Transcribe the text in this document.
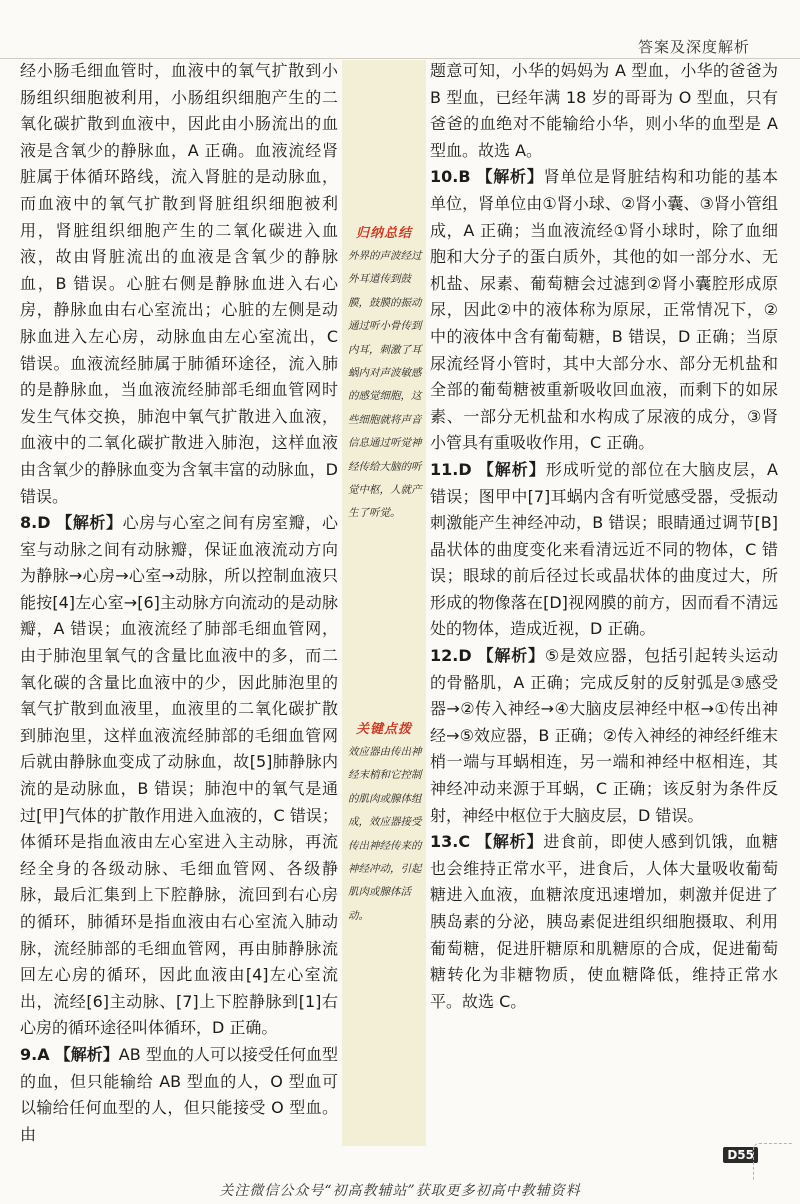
答案及深度解析

经小肠毛细血管时，血液中的氧气扩散到小肠组织细胞被利用，小肠组织细胞产生的二氧化碳扩散到血液中，因此由小肠流出的血液是含氧少的静脉血，A 正确。血液流经肾脏属于体循环路线，流入肾脏的是动脉血，而血液中的氧气扩散到肾脏组织细胞被利用，肾脏组织细胞产生的二氧化碳进入血液，故由肾脏流出的血液是含氧少的静脉血，B 错误。心脏右侧是静脉血进入右心房，静脉血由右心室流出；心脏的左侧是动脉血进入左心房，动脉血由左心室流出，C 错误。血液流经肺属于肺循环途径，流入肺的是静脉血，当血液流经肺部毛细血管网时发生气体交换，肺泡中氧气扩散进入血液，血液中的二氧化碳扩散进入肺泡，这样血液由含氧少的静脉血变为含氧丰富的动脉血，D 错误。

8.D 【解析】心房与心室之间有房室瓣，心室与动脉之间有动脉瓣，保证血液流动方向为静脉→心房→心室→动脉，所以控制血液只能按[4]左心室→[6]主动脉方向流动的是动脉瓣，A 错误；血液流经了肺部毛细血管网，由于肺泡里氧气的含量比血液中的多，而二氧化碳的含量比血液中的少，因此肺泡里的氧气扩散到血液里，血液里的二氧化碳扩散到肺泡里，这样血液流经肺部的毛细血管网后就由静脉血变成了动脉血，故[5]肺静脉内流的是动脉血，B 错误；肺泡中的氧气是通过[甲]气体的扩散作用进入血液的，C 错误；体循环是指血液由左心室进入主动脉，再流经全身的各级动脉、毛细血管网、各级静脉，最后汇集到上下腔静脉，流回到右心房的循环，肺循环是指血液由右心室流入肺动脉，流经肺部的毛细血管网，再由肺静脉流回左心房的循环，因此血液由[4]左心室流出，流经[6]主动脉、[7]上下腔静脉到[1]右心房的循环途径叫体循环，D 正确。

9.A 【解析】AB 型血的人可以接受任何血型的血，但只能输给 AB 型血的人，O 型血可以输给任何血型的人，但只能接受 O 型血。由

归纳总结
外界的声波经过外耳道传到鼓膜，鼓膜的振动通过听小骨传到内耳，刺激了耳蜗内对声波敏感的感觉细胞，这些细胞就将声音信息通过听觉神经传给大脑的听觉中枢，人就产生了听觉。
关键点拨
效应器由传出神经末梢和它控制的肌肉或腺体组成，效应器接受传出神经传来的神经冲动，引起肌肉或腺体活动。

题意可知，小华的妈妈为 A 型血，小华的爸爸为 B 型血，已经年满 18 岁的哥哥为 O 型血，只有爸爸的血绝对不能输给小华，则小华的血型是 A 型血。故选 A。

10.B 【解析】肾单位是肾脏结构和功能的基本单位，肾单位由①肾小球、②肾小囊、③肾小管组成，A 正确；当血液流经①肾小球时，除了血细胞和大分子的蛋白质外，其他的如一部分水、无机盐、尿素、葡萄糖会过滤到②肾小囊腔形成原尿，因此②中的液体称为原尿，正常情况下，②中的液体中含有葡萄糖，B 错误，D 正确；当原尿流经肾小管时，其中大部分水、部分无机盐和全部的葡萄糖被重新吸收回血液，而剩下的如尿素、一部分无机盐和水构成了尿液的成分，③肾小管具有重吸收作用，C 正确。

11.D 【解析】形成听觉的部位在大脑皮层，A 错误；图甲中[7]耳蜗内含有听觉感受器，受振动刺激能产生神经冲动，B 错误；眼睛通过调节[B]晶状体的曲度变化来看清远近不同的物体，C 错误；眼球的前后径过长或晶状体的曲度过大，所形成的物像落在[D]视网膜的前方，因而看不清远处的物体，造成近视，D 正确。

12.D 【解析】⑤是效应器，包括引起转头运动的骨骼肌，A 正确；完成反射的反射弧是③感受器→②传入神经→④大脑皮层神经中枢→①传出神经→⑤效应器，B 正确；②传入神经的神经纤维末梢一端与耳蜗相连，另一端和神经中枢相连，其神经冲动来源于耳蜗，C 正确；该反射为条件反射，神经中枢位于大脑皮层，D 错误。

13.C 【解析】进食前，即使人感到饥饿，血糖也会维持正常水平，进食后，人体大量吸收葡萄糖进入血液，血糖浓度迅速增加，刺激并促进了胰岛素的分泌，胰岛素促进组织细胞摄取、利用葡萄糖，促进肝糖原和肌糖原的合成，促进葡萄糖转化为非糖物质，使血糖降低，维持正常水平。故选 C。

D55
关注微信公众号“初高教辅站”获取更多初高中教辅资料
